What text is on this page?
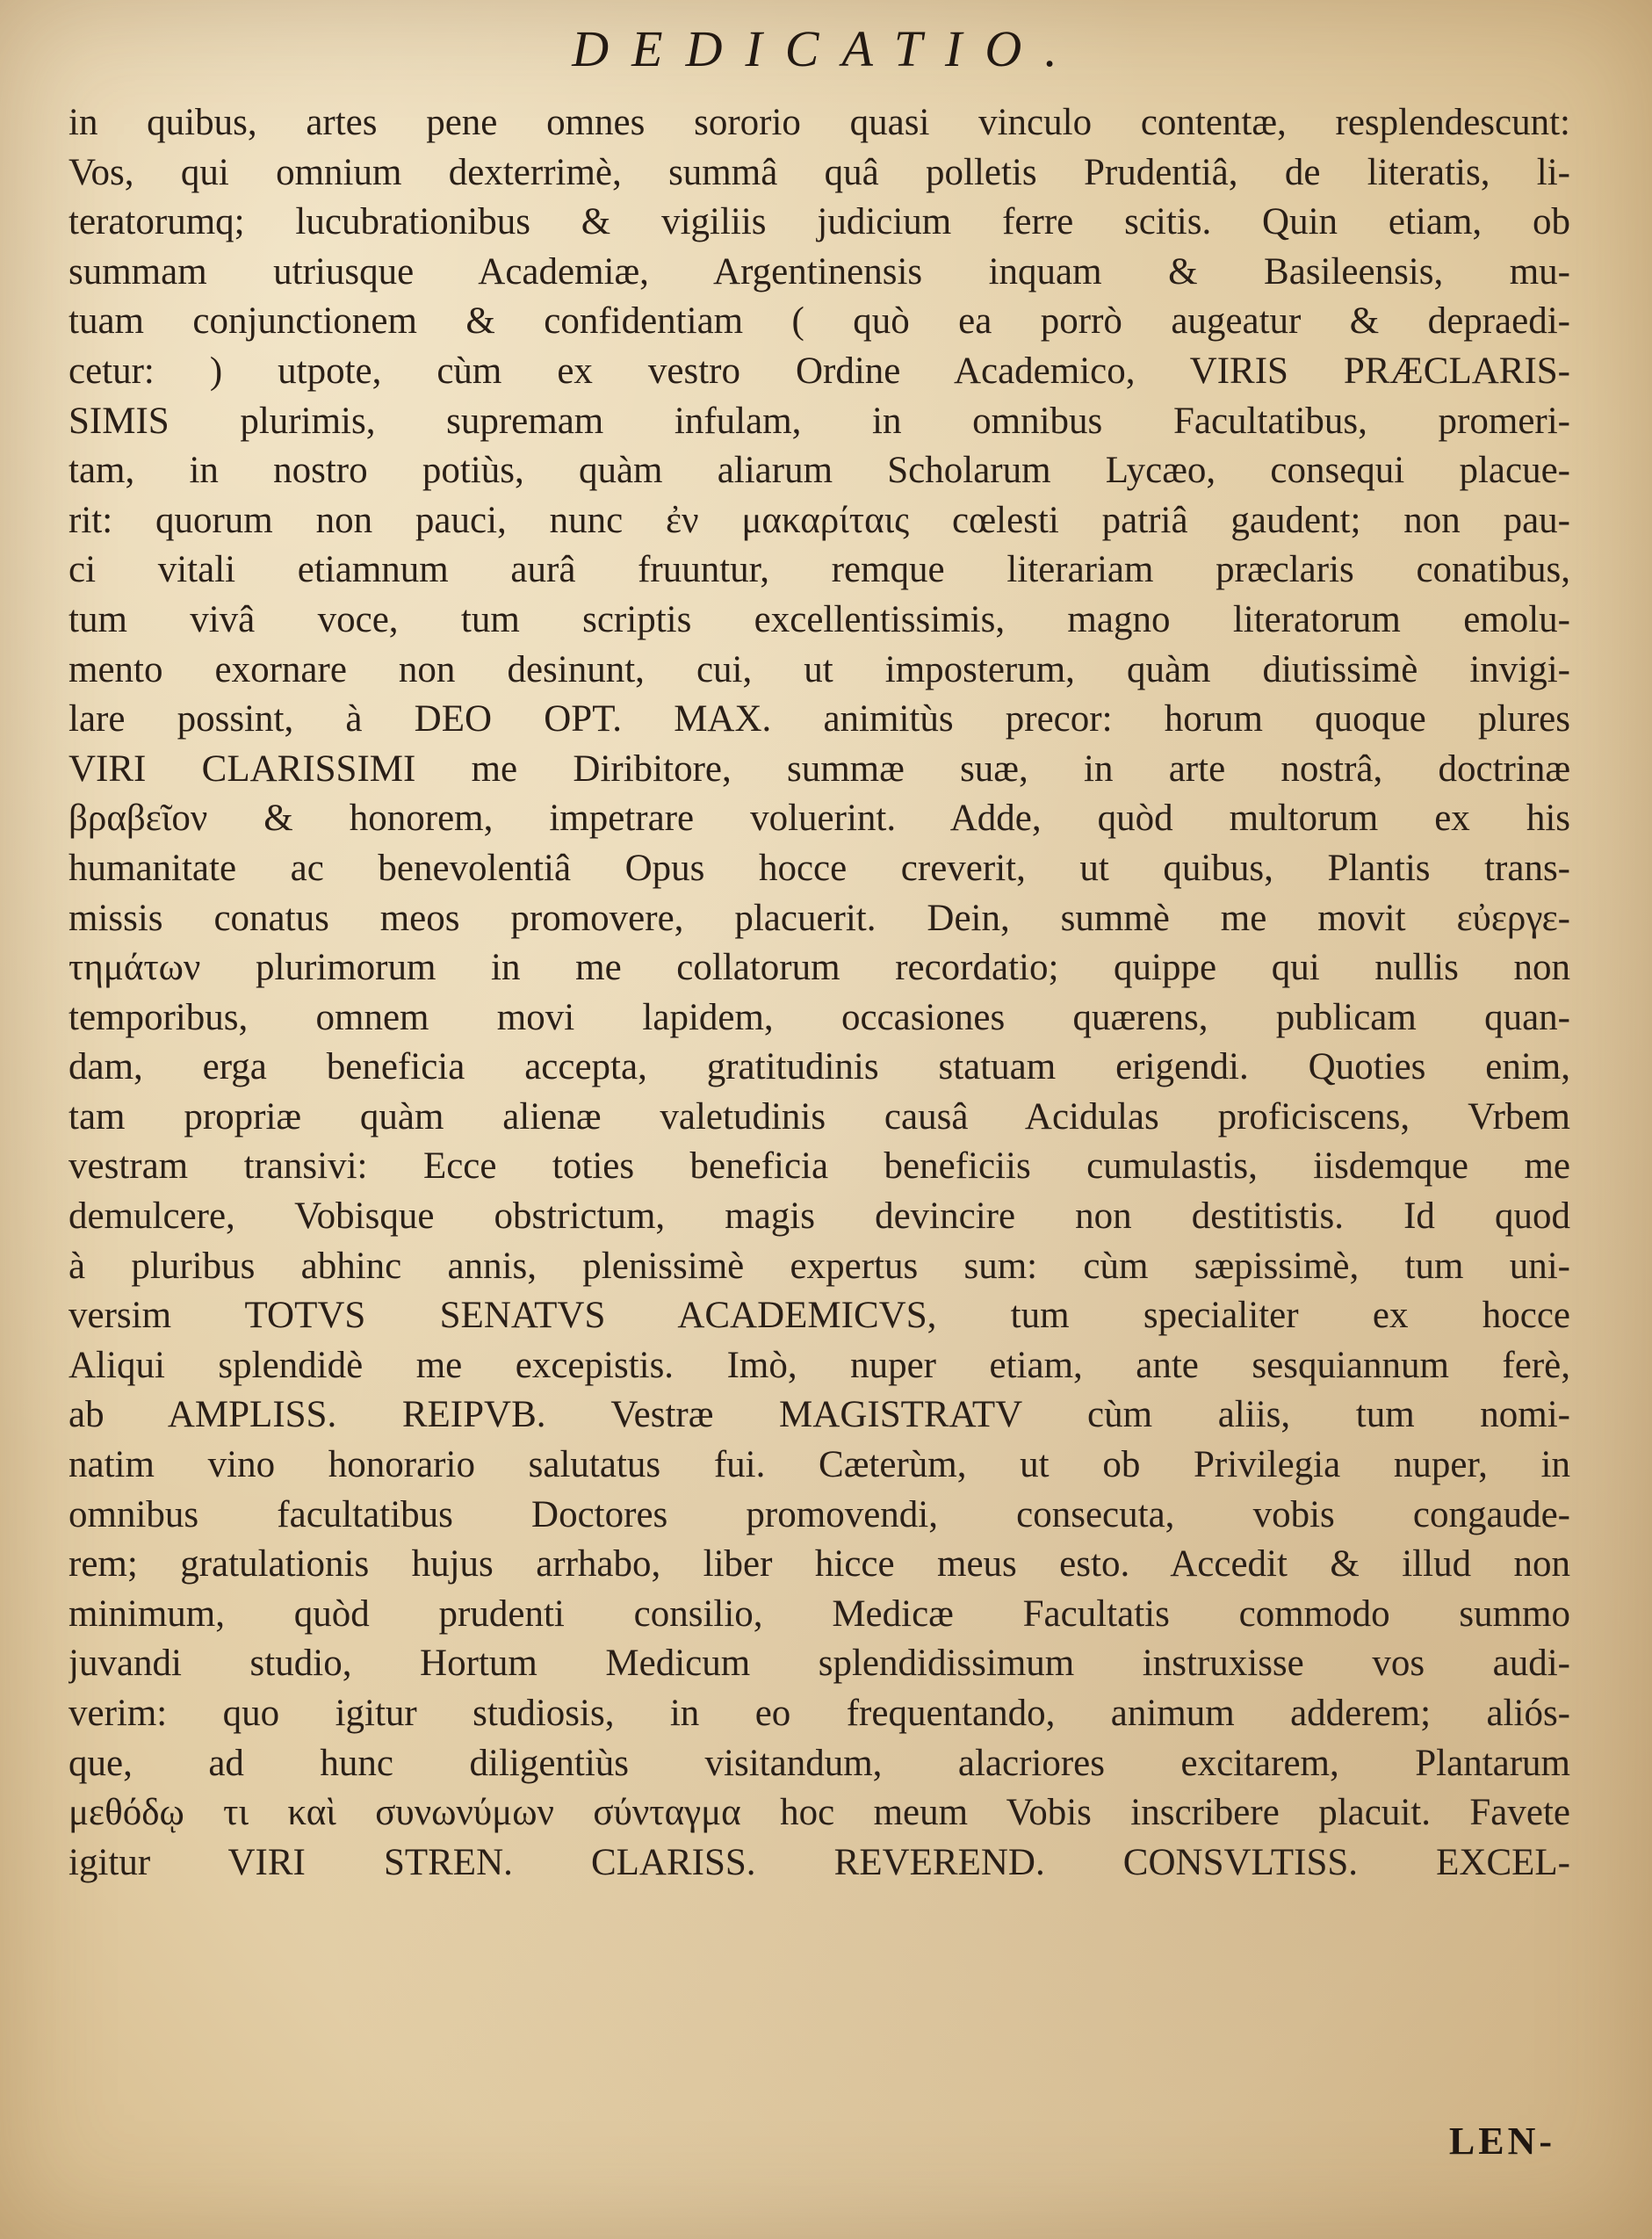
DEDICATIO.
in quibus, artes pene omnes sororio quasi vinculo contentæ, resplendescunt:
Vos, qui omnium dexterrimè, summâ quâ polletis Prudentiâ, de literatis, li-
teratorumq; lucubrationibus & vigiliis judicium ferre scitis. Quin etiam, ob
summam utriusque Academiæ, Argentinensis inquam & Basileensis, mu-
tuam conjunctionem & confidentiam ( quò ea porrò augeatur & depraedi-
cetur: ) utpote, cùm ex vestro Ordine Academico, VIRIS PRÆCLARIS-
SIMIS plurimis, supremam infulam, in omnibus Facultatibus, promeri-
tam, in nostro potiùs, quàm aliarum Scholarum Lycæo, consequi placue-
rit: quorum non pauci, nunc ἐν μακαρίταις cœlesti patriâ gaudent; non pau-
ci vitali etiamnum aurâ fruuntur, remque literariam præclaris conatibus,
tum vivâ voce, tum scriptis excellentissimis, magno literatorum emolu-
mento exornare non desinunt, cui, ut imposterum, quàm diutissimè invigi-
lare possint, à DEO OPT. MAX. animitùs precor: horum quoque plures
VIRI CLARISSIMI me Diribitore, summæ suæ, in arte nostrâ, doctrinæ
βραβεῖον & honorem, impetrare voluerint. Adde, quòd multorum ex his
humanitate ac benevolentiâ Opus hocce creverit, ut quibus, Plantis trans-
missis conatus meos promovere, placuerit. Dein, summè me movit εὐεργε-
τημάτων plurimorum in me collatorum recordatio; quippe qui nullis non
temporibus, omnem movi lapidem, occasiones quærens, publicam quan-
dam, erga beneficia accepta, gratitudinis statuam erigendi. Quoties enim,
tam propriæ quàm alienæ valetudinis causâ Acidulas proficiscens, Vrbem
vestram transivi: Ecce toties beneficia beneficiis cumulastis, iisdemque me
demulcere, Vobisque obstrictum, magis devincire non destitistis. Id quod
à pluribus abhinc annis, plenissimè expertus sum: cùm sæpissimè, tum uni-
versim TOTVS SENATVS ACADEMICVS, tum specialiter ex hocce
Aliqui splendidè me excepistis. Imò, nuper etiam, ante sesquiannum ferè,
ab AMPLISS. REIPVB. Vestræ MAGISTRATV cùm aliis, tum nomi-
natim vino honorario salutatus fui. Cæterùm, ut ob Privilegia nuper, in
omnibus facultatibus Doctores promovendi, consecuta, vobis congaude-
rem; gratulationis hujus arrhabo, liber hicce meus esto. Accedit & illud non
minimum, quòd prudenti consilio, Medicæ Facultatis commodo summo
juvandi studio, Hortum Medicum splendidissimum instruxisse vos audi-
verim: quo igitur studiosis, in eo frequentando, animum adderem; aliós-
que, ad hunc diligentiùs visitandum, alacriores excitarem, Plantarum
μεθόδῳ τι καὶ συνωνύμων σύνταγμα hoc meum Vobis inscribere placuit. Favete
igitur VIRI STREN. CLARISS. REVEREND. CONSVLTISS. EXCEL-
LEN-
